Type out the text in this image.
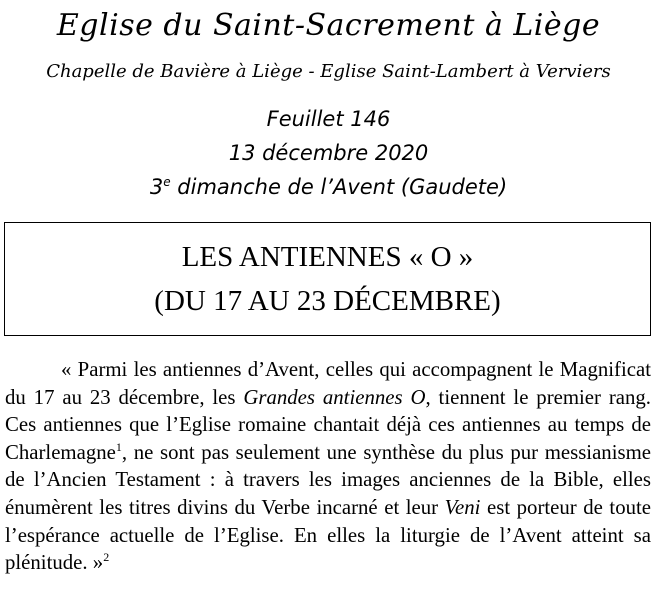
Eglise du Saint-Sacrement à Liège
Chapelle de Bavière à Liège - Eglise Saint-Lambert à Verviers
Feuillet 146
13 décembre 2020
3e dimanche de l’Avent (Gaudete)
LES ANTIENNES « O »
(DU 17 AU 23 DÉCEMBRE)

« Parmi les antiennes d’Avent, celles qui accompagnent le Magnificat du 17 au 23 décembre, les Grandes antiennes O, tiennent le premier rang. Ces antiennes que l’Eglise romaine chantait déjà ces antiennes au temps de Charlemagne$^1$, ne sont pas seulement une synthèse du plus pur messianisme de l’Ancien Testament : à travers les images anciennes de la Bible, elles énumèrent les titres divins du Verbe incarné et leur Veni est porteur de toute l’espérance actuelle de l’Eglise. En elles la liturgie de l’Avent atteint sa plénitude. »$^2$
